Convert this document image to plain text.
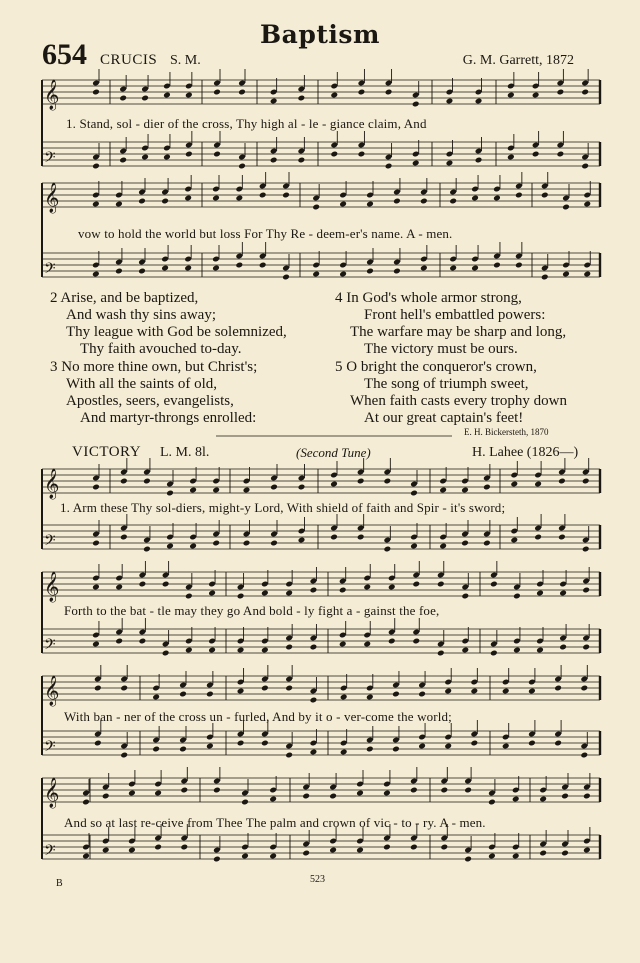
Baptism
654 CRUCIS S. M.	G. M. Garrett, 1872
𝄞
𝄢
𝄞
𝄢
𝄞
𝄢
𝄞
𝄢
𝄞
𝄢
𝄞
𝄢
1. Stand, sol - dier of the cross, Thy high al - le - giance claim, And
vow to hold the world but loss For Thy Re - deem-er's name. A - men.
2 Arise, and be baptized,
And wash thy sins away;
Thy league with God be solemnized,
Thy faith avouched to-day.
3 No more thine own, but Christ's;
With all the saints of old,
Apostles, seers, evangelists,
And martyr-throngs enrolled:
4 In God's whole armor strong,
Front hell's embattled powers:
The warfare may be sharp and long,
The victory must be ours.
5 O bright the conqueror's crown,
The song of triumph sweet,
When faith casts every trophy down
At our great captain's feet!
E. H. Bickersteth, 1870
VICTORY L. M. 8l.	(Second Tune)	H. Lahee (1826—)
1. Arm these Thy sol-diers, might-y Lord, With shield of faith and Spir - it's sword;
Forth to the bat - tle may they go And bold - ly fight a - gainst the foe,
With ban - ner of the cross un - furled, And by it o - ver-come the world;
And so at last re-ceive from Thee The palm and crown of vic - to - ry. A - men.
B	523
